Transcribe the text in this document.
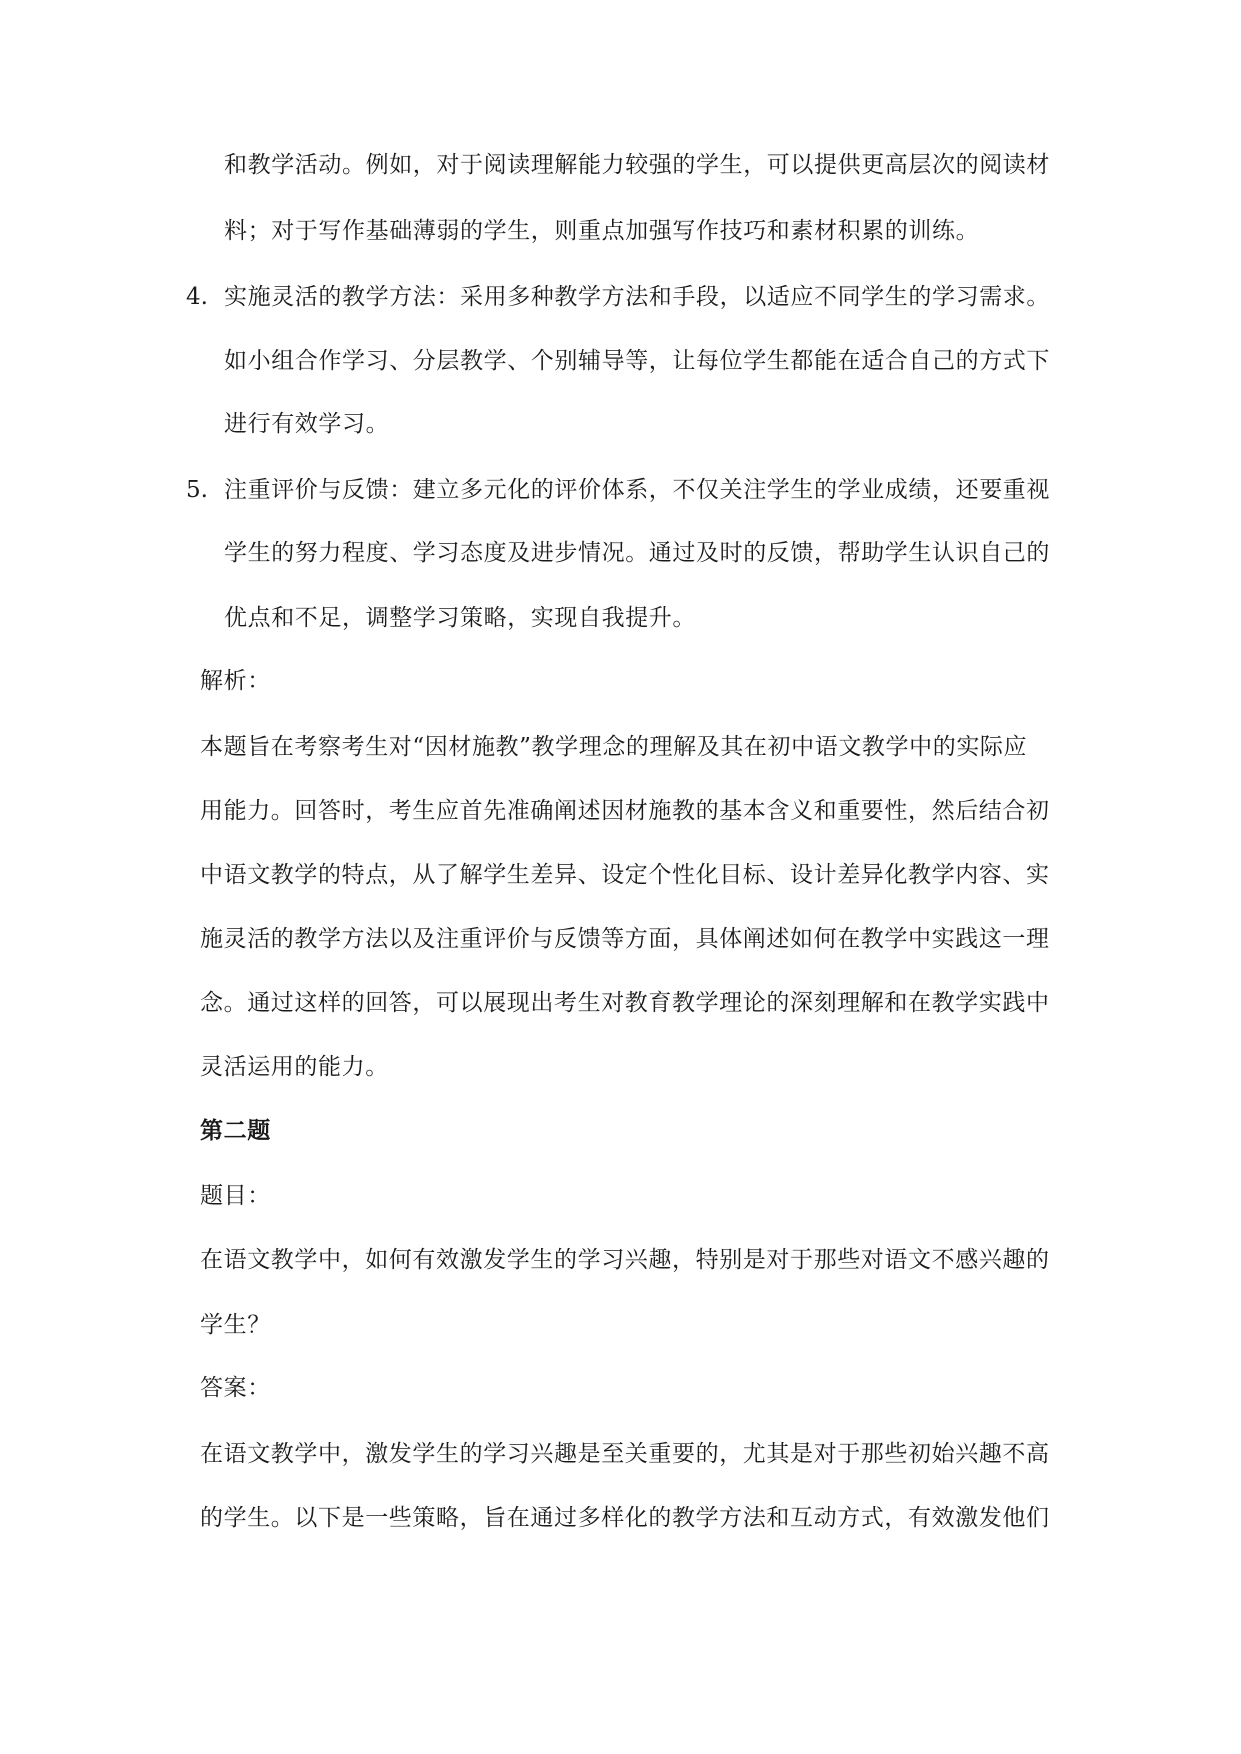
和教学活动。例如，对于阅读理解能力较强的学生，可以提供更高层次的阅读材
料；对于写作基础薄弱的学生，则重点加强写作技巧和素材积累的训练。
4. 实施灵活的教学方法：采用多种教学方法和手段，以适应不同学生的学习需求。
如小组合作学习、分层教学、个别辅导等，让每位学生都能在适合自己的方式下
进行有效学习。
5. 注重评价与反馈：建立多元化的评价体系，不仅关注学生的学业成绩，还要重视
学生的努力程度、学习态度及进步情况。通过及时的反馈，帮助学生认识自己的
优点和不足，调整学习策略，实现自我提升。
解析：
本题旨在考察考生对“因材施教”教学理念的理解及其在初中语文教学中的实际应
用能力。回答时，考生应首先准确阐述因材施教的基本含义和重要性，然后结合初
中语文教学的特点，从了解学生差异、设定个性化目标、设计差异化教学内容、实
施灵活的教学方法以及注重评价与反馈等方面，具体阐述如何在教学中实践这一理
念。通过这样的回答，可以展现出考生对教育教学理论的深刻理解和在教学实践中
灵活运用的能力。
第二题
题目：
在语文教学中，如何有效激发学生的学习兴趣，特别是对于那些对语文不感兴趣的
学生？
答案：
在语文教学中，激发学生的学习兴趣是至关重要的，尤其是对于那些初始兴趣不高
的学生。以下是一些策略，旨在通过多样化的教学方法和互动方式，有效激发他们
